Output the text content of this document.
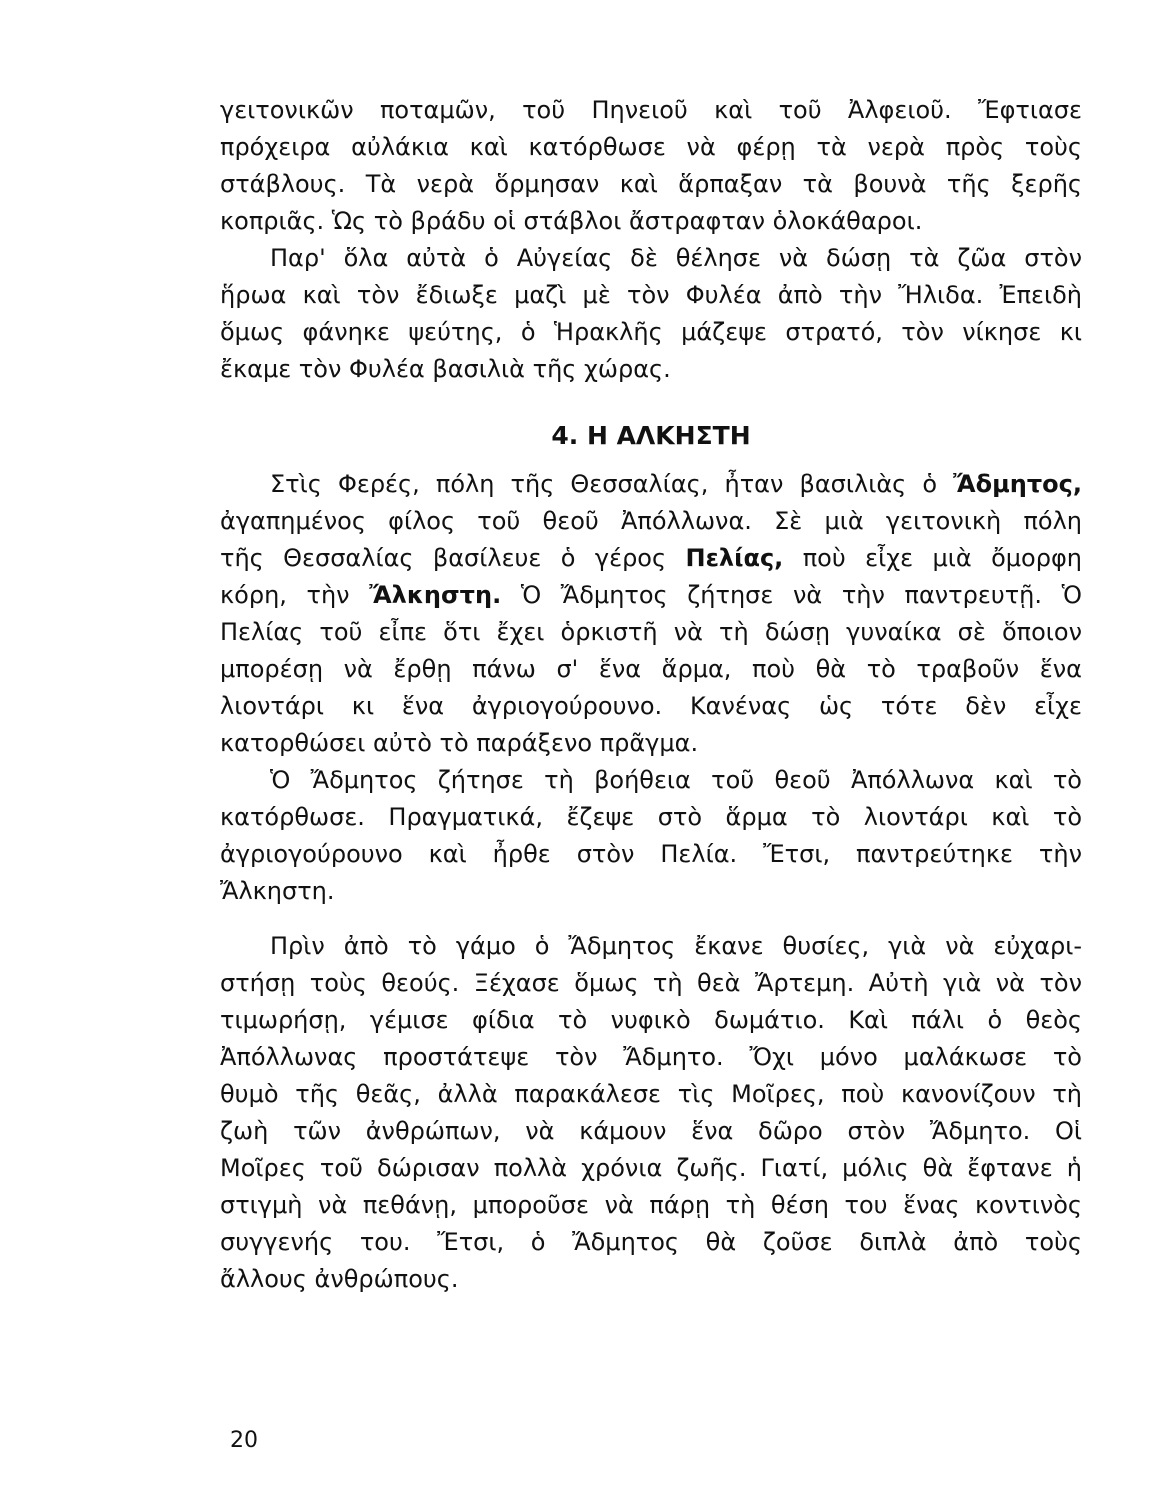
γειτονικῶν ποταμῶν, τοῦ Πηνειοῦ καὶ τοῦ Ἀλφειοῦ. Ἔφτιασε
πρόχειρα αὐλάκια καὶ κατόρθωσε νὰ φέρῃ τὰ νερὰ πρὸς τοὺς
στάβλους. Τὰ νερὰ ὅρμησαν καὶ ἅρπαξαν τὰ βουνὰ τῆς ξερῆς
κοπριᾶς. Ὡς τὸ βράδυ οἱ στάβλοι ἄστραφταν ὁλοκάθαροι.
Παρ' ὅλα αὐτὰ ὁ Αὐγείας δὲ θέλησε νὰ δώσῃ τὰ ζῶα στὸν
ἥρωα καὶ τὸν ἔδιωξε μαζὶ μὲ τὸν Φυλέα ἀπὸ τὴν Ἤλιδα. Ἐπειδὴ
ὅμως φάνηκε ψεύτης, ὁ Ἡρακλῆς μάζεψε στρατό, τὸν νίκησε κι
ἔκαμε τὸν Φυλέα βασιλιὰ τῆς χώρας.
4. Η ΑΛΚΗΣΤΗ
Στὶς Φερές, πόλη τῆς Θεσσαλίας, ἦταν βασιλιὰς ὁ Ἄδμητος,
ἀγαπημένος φίλος τοῦ θεοῦ Ἀπόλλωνα. Σὲ μιὰ γειτονικὴ πόλη
τῆς Θεσσαλίας βασίλευε ὁ γέρος Πελίας, ποὺ εἶχε μιὰ ὄμορφη
κόρη, τὴν Ἄλκηστη. Ὁ Ἄδμητος ζήτησε νὰ τὴν παντρευτῇ. Ὁ
Πελίας τοῦ εἶπε ὅτι ἔχει ὁρκιστῆ νὰ τὴ δώσῃ γυναίκα σὲ ὅποιον
μπορέσῃ νὰ ἔρθῃ πάνω σ' ἕνα ἅρμα, ποὺ θὰ τὸ τραβοῦν ἕνα
λιοντάρι κι ἕνα ἀγριογούρουνο. Κανένας ὡς τότε δὲν εἶχε
κατορθώσει αὐτὸ τὸ παράξενο πρᾶγμα.
Ὁ Ἄδμητος ζήτησε τὴ βοήθεια τοῦ θεοῦ Ἀπόλλωνα καὶ τὸ
κατόρθωσε. Πραγματικά, ἔζεψε στὸ ἅρμα τὸ λιοντάρι καὶ τὸ
ἀγριογούρουνο καὶ ἦρθε στὸν Πελία. Ἔτσι, παντρεύτηκε τὴν
Ἄλκηστη.
Πρὶν ἀπὸ τὸ γάμο ὁ Ἄδμητος ἔκανε θυσίες, γιὰ νὰ εὐχαρι-
στήσῃ τοὺς θεούς. Ξέχασε ὅμως τὴ θεὰ Ἄρτεμη. Αὐτὴ γιὰ νὰ τὸν
τιμωρήσῃ, γέμισε φίδια τὸ νυφικὸ δωμάτιο. Καὶ πάλι ὁ θεὸς
Ἀπόλλωνας προστάτεψε τὸν Ἄδμητο. Ὄχι μόνο μαλάκωσε τὸ
θυμὸ τῆς θεᾶς, ἀλλὰ παρακάλεσε τὶς Μοῖρες, ποὺ κανονίζουν τὴ
ζωὴ τῶν ἀνθρώπων, νὰ κάμουν ἕνα δῶρο στὸν Ἄδμητο. Οἱ
Μοῖρες τοῦ δώρισαν πολλὰ χρόνια ζωῆς. Γιατί, μόλις θὰ ἔφτανε ἡ
στιγμὴ νὰ πεθάνῃ, μποροῦσε νὰ πάρῃ τὴ θέση του ἕνας κοντινὸς
συγγενής του. Ἔτσι, ὁ Ἄδμητος θὰ ζοῦσε διπλὰ ἀπὸ τοὺς
ἄλλους ἀνθρώπους.
20
